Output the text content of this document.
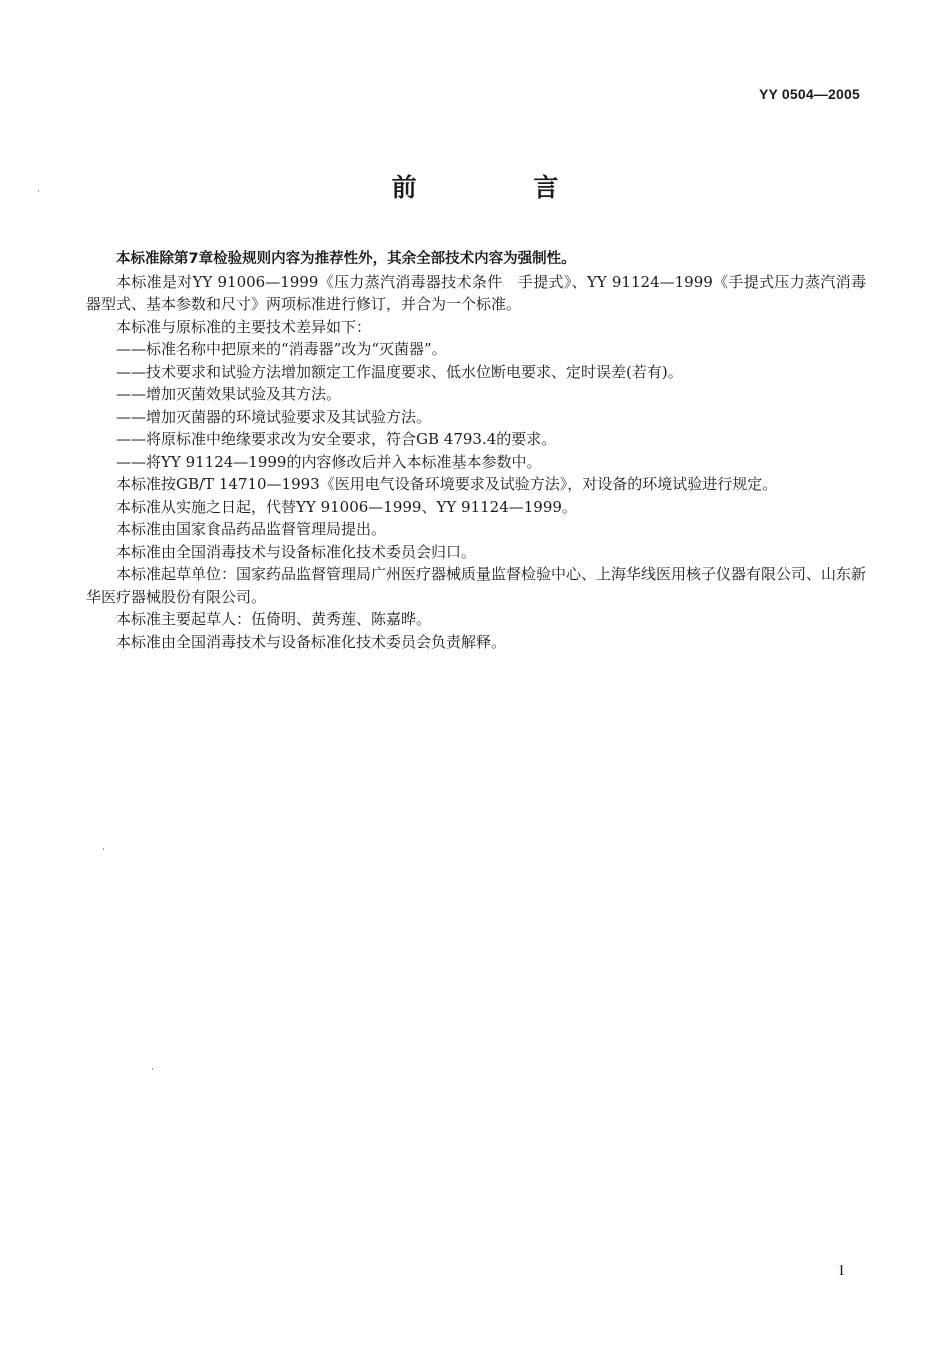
YY 0504—2005
前 言

本标准除第7章检验规则内容为推荐性外，其余全部技术内容为强制性。

本标准是对YY 91006—1999《压力蒸汽消毒器技术条件　手提式》、YY 91124—1999《手提式压力蒸汽消毒器型式、基本参数和尺寸》两项标准进行修订，并合为一个标准。

本标准与原标准的主要技术差异如下：

——标准名称中把原来的“消毒器”改为“灭菌器”。

——技术要求和试验方法增加额定工作温度要求、低水位断电要求、定时误差(若有)。

——增加灭菌效果试验及其方法。

——增加灭菌器的环境试验要求及其试验方法。

——将原标准中绝缘要求改为安全要求，符合GB 4793.4的要求。

——将YY 91124—1999的内容修改后并入本标准基本参数中。

本标准按GB/T 14710—1993《医用电气设备环境要求及试验方法》，对设备的环境试验进行规定。

本标准从实施之日起，代替YY 91006—1999、YY 91124—1999。

本标准由国家食品药品监督管理局提出。

本标准由全国消毒技术与设备标准化技术委员会归口。

本标准起草单位：国家药品监督管理局广州医疗器械质量监督检验中心、上海华线医用核子仪器有限公司、山东新华医疗器械股份有限公司。

本标准主要起草人：伍倚明、黄秀莲、陈嘉晔。

本标准由全国消毒技术与设备标准化技术委员会负责解释。

I
